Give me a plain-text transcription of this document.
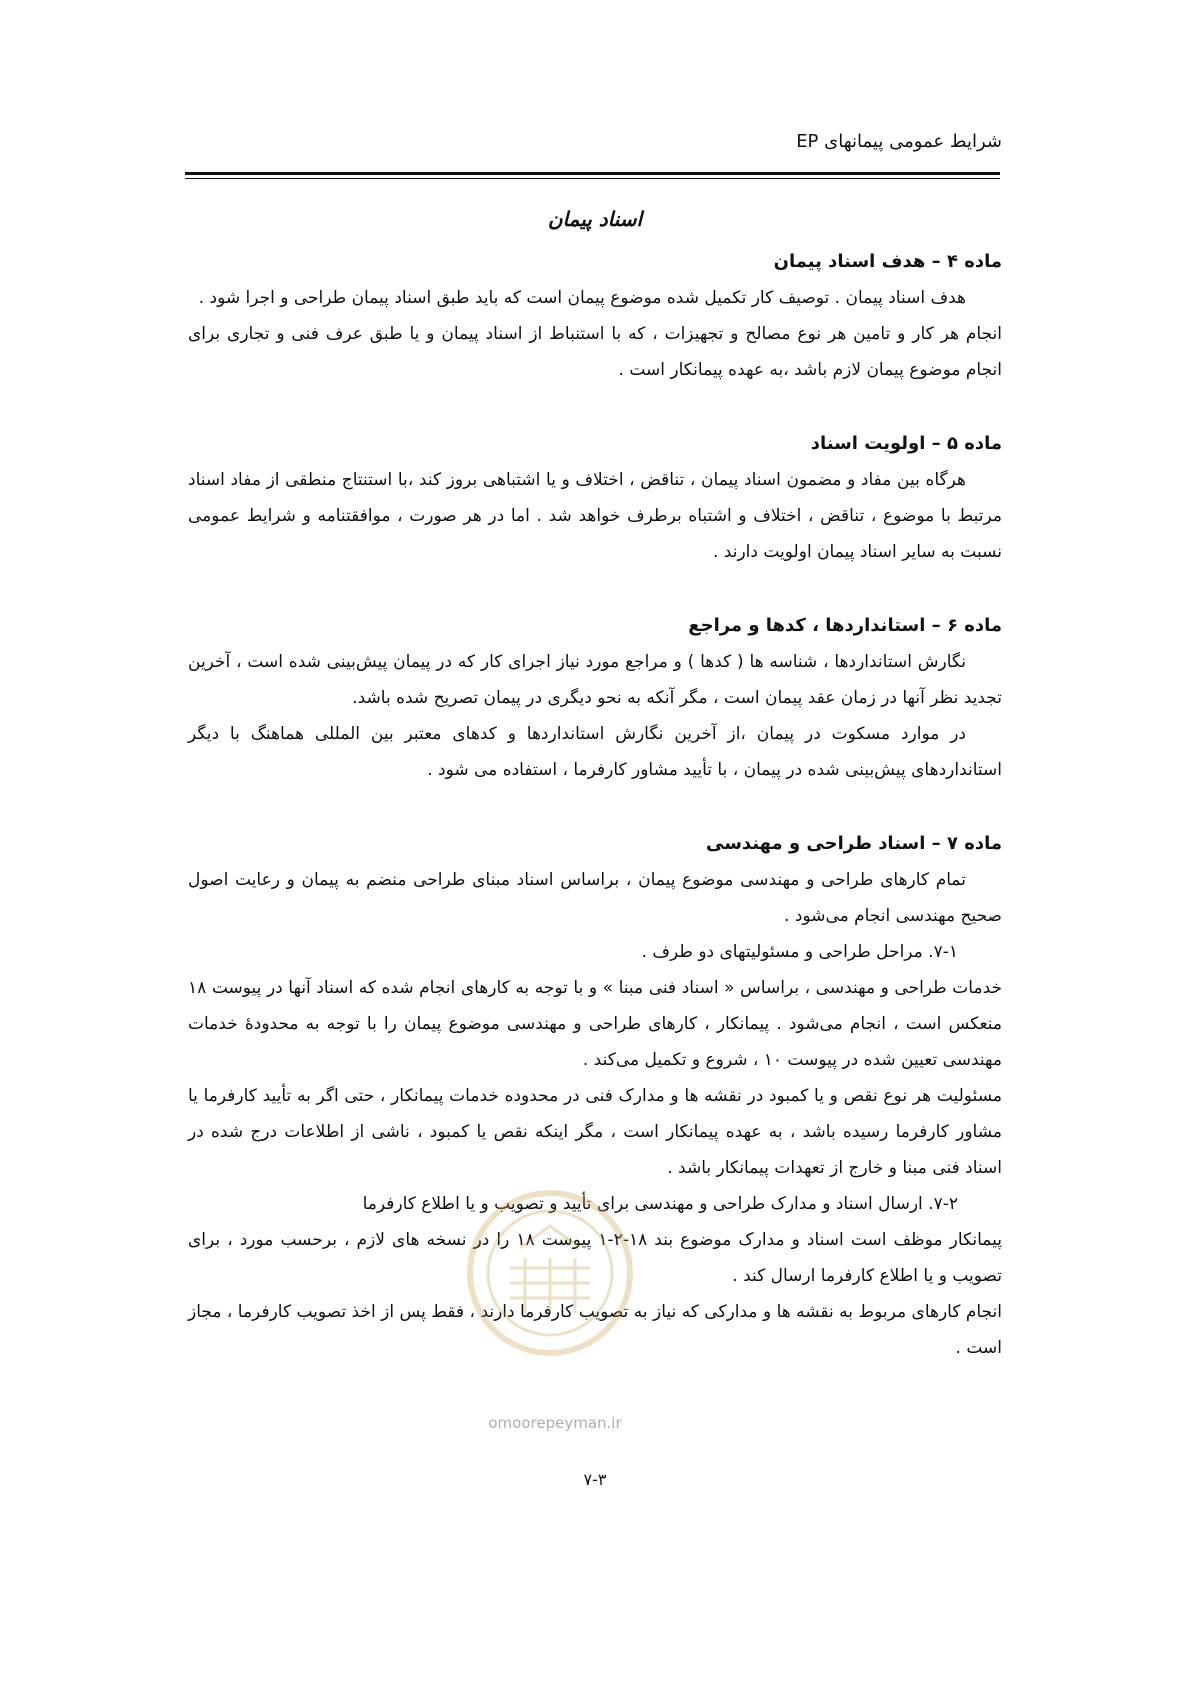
شرایط عمومی پیمانهای EP
اسناد پیمان

ماده ۴ – هدف اسناد پیمان

هدف اسناد پیمان . توصیف کار تکمیل شده موضوع پیمان است که باید طبق اسناد پیمان طراحی و اجرا شود .

انجام هر کار و تامین هر نوع مصالح و تجهیزات ، که با استنباط از اسناد پیمان و یا طبق عرف فنی و تجاری برای انجام موضوع پیمان لازم باشد ،به عهده پیمانکار است .

ماده ۵ – اولویت اسناد

هرگاه بین مفاد و مضمون اسناد پیمان ، تناقض ، اختلاف و یا اشتباهی بروز کند ،با استنتاج منطقی از مفاد اسناد مرتبط با موضوع ، تناقض ، اختلاف و اشتباه برطرف خواهد شد . اما در هر صورت ، موافقتنامه و شرایط عمومی نسبت به سایر اسناد پیمان اولویت دارند .

ماده ۶ – استانداردها ، کدها و مراجع

نگارش استانداردها ، شناسه ها ( کدها ) و مراجع مورد نیاز اجرای کار که در پیمان پیش‌بینی شده است ، آخرین تجدید نظر آنها در زمان عقد پیمان است ، مگر آنکه به نحو دیگری در پیمان تصریح شده باشد.

در موارد مسکوت در پیمان ،از آخرین نگارش استانداردها و کدهای معتبر بین المللی هماهنگ با دیگر استانداردهای پیش‌بینی شده در پیمان ، با تأیید مشاور کارفرما ، استفاده می شود .

ماده ۷ – اسناد طراحی و مهندسی

تمام کارهای طراحی و مهندسی موضوع پیمان ، براساس اسناد مبنای طراحی منضم به پیمان و رعایت اصول صحیح مهندسی انجام می‌شود .

۷-۱. مراحل طراحی و مسئولیتهای دو طرف .

خدمات طراحی و مهندسی ، براساس « اسناد فنی مبنا » و با توجه به کارهای انجام شده که اسناد آنها در پیوست ۱۸ منعکس است ، انجام می‌شود . پیمانکار ، کارهای طراحی و مهندسی موضوع پیمان را با توجه به محدودهٔ خدمات مهندسی تعیین شده در پیوست ۱۰ ، شروع و تکمیل می‌کند .

مسئولیت هر نوع نقص و یا کمبود در نقشه ها و مدارک فنی در محدوده خدمات پیمانکار ، حتی اگر به تأیید کارفرما یا مشاور کارفرما رسیده باشد ، به عهده پیمانکار است ، مگر اینکه نقص یا کمبود ، ناشی از اطلاعات درج شده در اسناد فنی مبنا و خارج از تعهدات پیمانکار باشد .

۷-۲. ارسال اسناد و مدارک طراحی و مهندسی برای تأیید و تصویب و یا اطلاع کارفرما

پیمانکار موظف است اسناد و مدارک موضوع بند ۱۸-۲-۱ پیوست ۱۸ را در نسخه های لازم ، برحسب مورد ، برای تصویب و یا اطلاع کارفرما ارسال کند .

انجام کارهای مربوط به نقشه ها و مدارکی که نیاز به تصویب کارفرما دارند ، فقط پس از اخذ تصویب کارفرما ، مجاز است .

omoorepeyman.ir
۷-۳
